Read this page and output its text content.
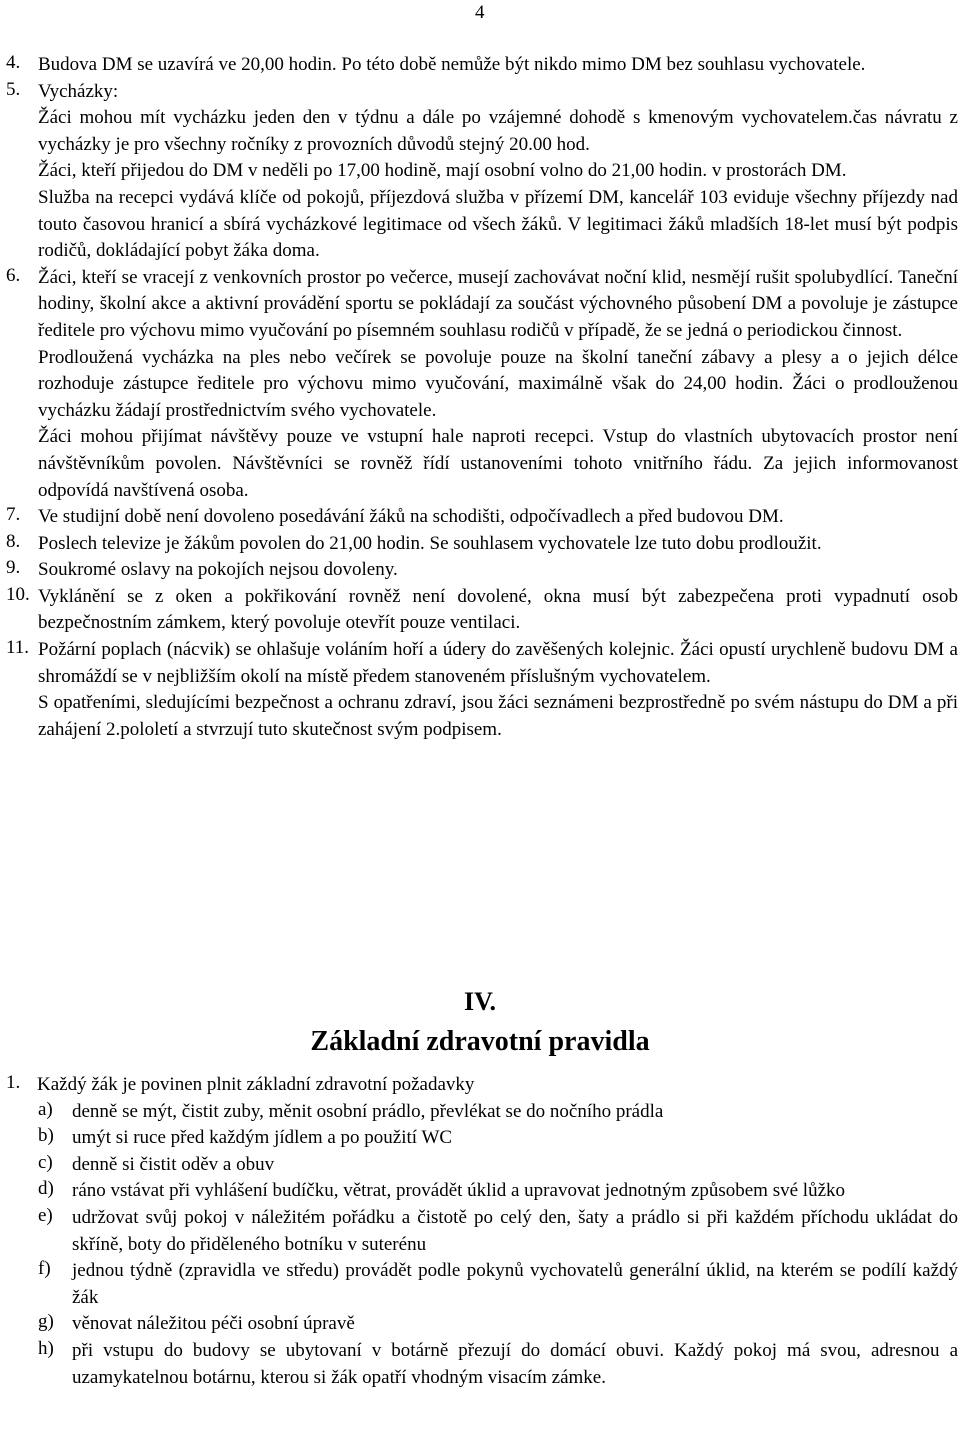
4
4. Budova DM se uzavírá ve 20,00 hodin. Po této době nemůže být nikdo mimo DM bez souhlasu vychovatele.

5. Vycházky:

Žáci mohou mít vycházku jeden den v týdnu a dále po vzájemné dohodě s kmenovým vychovatelem.čas návratu z vycházky je pro všechny ročníky z provozních důvodů stejný 20.00 hod.

Žáci, kteří přijedou do DM v neděli po 17,00 hodině, mají osobní volno do 21,00 hodin. v prostorách DM.

Služba na recepci vydává klíče od pokojů, příjezdová služba v přízemí DM, kancelář 103 eviduje všechny příjezdy nad touto časovou hranicí a sbírá vycházkové legitimace od všech žáků. V legitimaci žáků mladších 18-let musí být podpis rodičů, dokládající pobyt žáka doma.

6. Žáci, kteří se vracejí z venkovních prostor po večerce, musejí zachovávat noční klid, nesmějí rušit spolubydlící. Taneční hodiny, školní akce a aktivní provádění sportu se pokládají za součást výchovného působení DM a povoluje je zástupce ředitele pro výchovu mimo vyučování po písemném souhlasu rodičů v případě, že se jedná o periodickou činnost.

Prodloužená vycházka na ples nebo večírek se povoluje pouze na školní taneční zábavy a plesy a o jejich délce rozhoduje zástupce ředitele pro výchovu mimo vyučování, maximálně však do 24,00 hodin. Žáci o prodlouženou vycházku žádají prostřednictvím svého vychovatele.

Žáci mohou přijímat návštěvy pouze ve vstupní hale naproti recepci. Vstup do vlastních ubytovacích prostor není návštěvníkům povolen. Návštěvníci se rovněž řídí ustanoveními tohoto vnitřního řádu. Za jejich informovanost odpovídá navštívená osoba.

7. Ve studijní době není dovoleno posedávání žáků na schodišti, odpočívadlech a před budovou DM.

8. Poslech televize je žákům povolen do 21,00 hodin. Se souhlasem vychovatele lze tuto dobu prodloužit.

9. Soukromé oslavy na pokojích nejsou dovoleny.

10. Vyklánění se z oken a pokřikování rovněž není dovolené, okna musí být zabezpečena proti vypadnutí osob bezpečnostním zámkem, který povoluje otevřít pouze ventilaci.

11. Požární poplach (nácvik) se ohlašuje voláním hoří a údery do zavěšených kolejnic. Žáci opustí urychleně budovu DM a shromáždí se v nejbližším okolí na místě předem stanoveném příslušným vychovatelem.

S opatřeními, sledujícími bezpečnost a ochranu zdraví, jsou žáci seznámeni bezprostředně po svém nástupu do DM a při zahájení 2.pololetí a stvrzují tuto skutečnost svým podpisem.

IV.
Základní zdravotní pravidla
1. Každý žák je povinen plnit základní zdravotní požadavky

a)	denně se mýt, čistit zuby, měnit osobní prádlo, převlékat se do nočního prádla

b) umýt si ruce před každým jídlem a po použití WC

c)	denně si čistit oděv a obuv

d) ráno vstávat při vyhlášení budíčku, větrat, provádět úklid a upravovat jednotným způsobem své lůžko

e)	udržovat svůj pokoj v náležitém pořádku a čistotě po celý den, šaty a prádlo si při každém příchodu ukládat do skříně, boty do přiděleného botníku v suterénu

f)	jednou týdně (zpravidla ve středu) provádět podle pokynů vychovatelů generální úklid, na kterém se podílí každý žák

g) věnovat náležitou péči osobní úpravě

h) při vstupu do budovy se ubytovaní v botárně přezují do domácí obuvi. Každý pokoj má svou, adresnou a uzamykatelnou botárnu, kterou si žák opatří vhodným visacím zámke.
